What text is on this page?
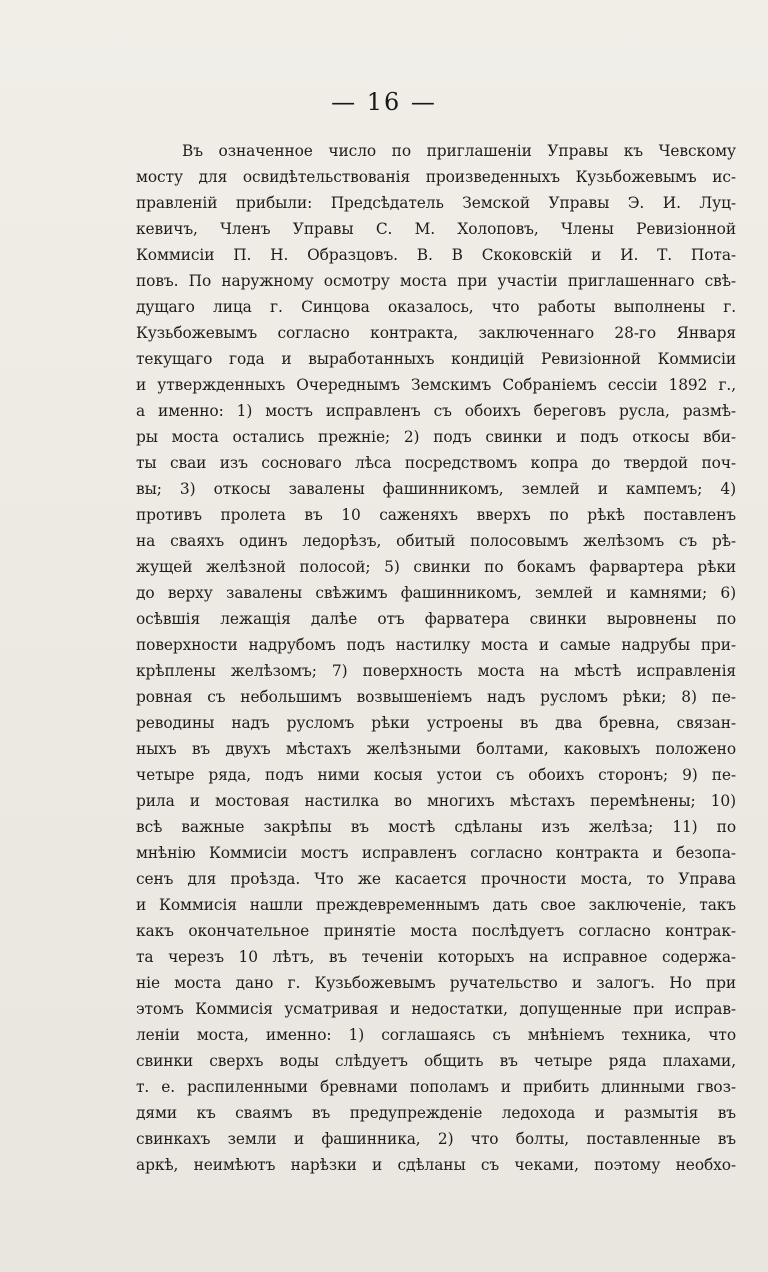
— 16 —
Въ означенное число по приглашеніи Управы къ Чевскому
мосту для освидѣтельствованія произведенныхъ Кузьбожевымъ ис-
правленій прибыли: Предсѣдатель Земской Управы Э. И. Луц-
кевичъ, Членъ Управы С. М. Холоповъ, Члены Ревизіонной
Коммисіи П. Н. Образцовъ. В. В Скоковскій и И. Т. Пота-
повъ. По наружному осмотру моста при участіи приглашеннаго свѣ-
дущаго лица г. Синцова оказалось, что работы выполнены г.
Кузьбожевымъ согласно контракта, заключеннаго 28-го Января
текущаго года и выработанныхъ кондицій Ревизіонной Коммисіи
и утвержденныхъ Очереднымъ Земскимъ Собраніемъ сессіи 1892 г.,
а именно: 1) мостъ исправленъ съ обоихъ береговъ русла, размѣ-
ры моста остались прежніе; 2) подъ свинки и подъ откосы вби-
ты сваи изъ сосноваго лѣса посредствомъ копра до твердой поч-
вы; 3) откосы завалены фашинникомъ, землей и кампемъ; 4)
противъ пролета въ 10 саженяхъ вверхъ по рѣкѣ поставленъ
на сваяхъ одинъ ледорѣзъ, обитый полосовымъ желѣзомъ съ рѣ-
жущей желѣзной полосой; 5) свинки по бокамъ фарвартера рѣки
до верху завалены свѣжимъ фашинникомъ, землей и камнями; 6)
осѣвшія лежащія далѣе отъ фарватера свинки выровнены по
поверхности надрубомъ подъ настилку моста и самые надрубы при-
крѣплены желѣзомъ; 7) поверхность моста на мѣстѣ исправленія
ровная съ небольшимъ возвышеніемъ надъ русломъ рѣки; 8) пе-
реводины надъ русломъ рѣки устроены въ два бревна, связан-
ныхъ въ двухъ мѣстахъ желѣзными болтами, каковыхъ положено
четыре ряда, подъ ними косыя устои съ обоихъ сторонъ; 9) пе-
рила и мостовая настилка во многихъ мѣстахъ перемѣнены; 10)
всѣ важные закрѣпы въ мостѣ сдѣланы изъ желѣза; 11) по
мнѣнію Коммисіи мостъ исправленъ согласно контракта и безопа-
сенъ для проѣзда. Что же касается прочности моста, то Управа
и Коммисія нашли преждевременнымъ дать свое заключеніе, такъ
какъ окончательное принятіе моста послѣдуетъ согласно контрак-
та черезъ 10 лѣтъ, въ теченіи которыхъ на исправное содержа-
ніе моста дано г. Кузьбожевымъ ручательство и залогъ. Но при
этомъ Коммисія усматривая и недостатки, допущенные при исправ-
леніи моста, именно: 1) соглашаясь съ мнѣніемъ техника, что
свинки сверхъ воды слѣдуетъ общить въ четыре ряда плахами,
т. е. распиленными бревнами пополамъ и прибить длинными гвоз-
дями къ сваямъ въ предупрежденіе ледохода и размытія въ
свинкахъ земли и фашинника, 2) что болты, поставленные въ
аркѣ, неимѣютъ нарѣзки и сдѣланы съ чеками, поэтому необхо-
